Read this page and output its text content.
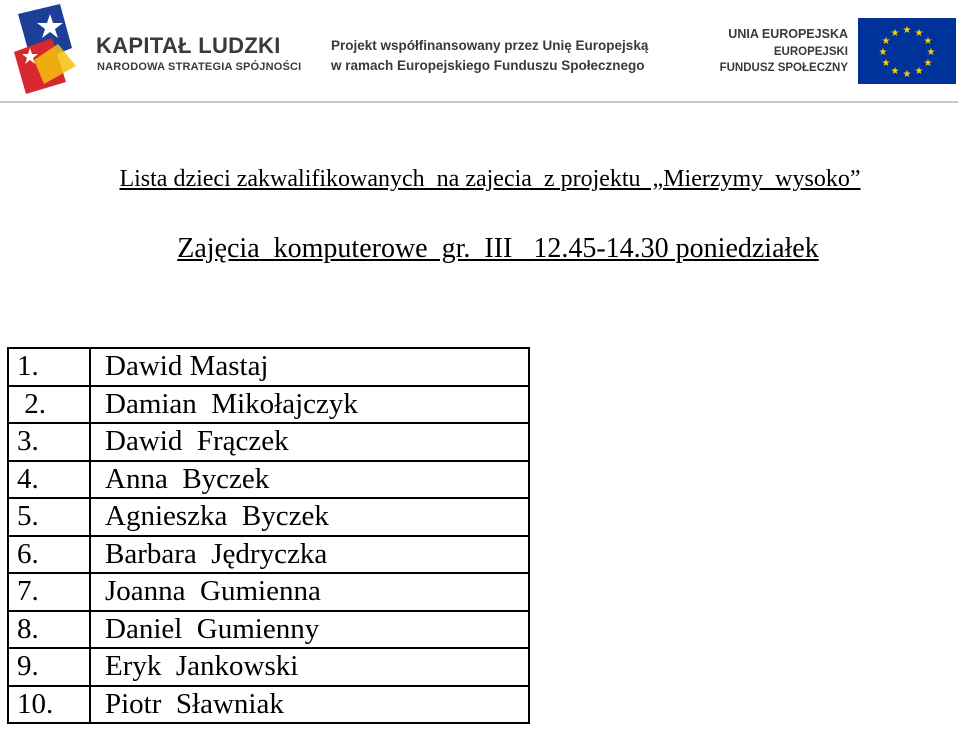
KAPITAŁ LUDZKI
NARODOWA STRATEGIA SPÓJNOŚCI
Projekt współfinansowany przez Unię Europejską
w ramach Europejskiego Funduszu Społecznego
UNIA EUROPEJSKA
EUROPEJSKI
FUNDUSZ SPOŁECZNY
★ ★
★
★
★
★
★
★
★
★
★
★
Lista dzieci zakwalifikowanych  na zajecia  z projektu  „Mierzymy  wysoko”
Zajęcia  komputerowe  gr.  III   12.45-14.30 poniedziałek
1.	Dawid Mastaj
2.	Damian  Mikołajczyk
3.	Dawid  Frączek
4.	Anna  Byczek
5.	Agnieszka  Byczek
6.	Barbara  Jędryczka
7.	Joanna  Gumienna
8.	Daniel  Gumienny
9.	Eryk  Jankowski
10.	Piotr  Sławniak
